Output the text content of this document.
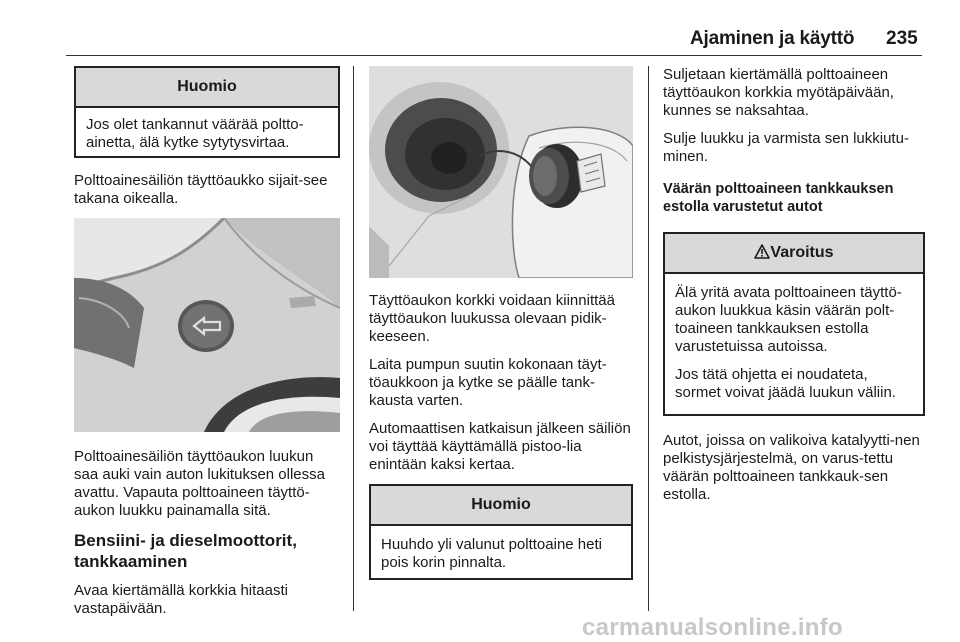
Ajaminen ja käyttö 235
Huomio

Jos olet tankannut väärää poltto-ainetta, älä kytke sytytysvirtaa.

Polttoainesäiliön täyttöaukko sijait-see takana oikealla.

Polttoainesäiliön täyttöaukon luukun saa auki vain auton lukituksen ollessa avattu. Vapauta polttoaineen täyttö-aukon luukku painamalla sitä.

Bensiini- ja dieselmoottorit, tankkaaminen

Avaa kiertämällä korkkia hitaasti vastapäivään.

Täyttöaukon korkki voidaan kiinnittää täyttöaukon luukussa olevaan pidik-keeseen.

Laita pumpun suutin kokonaan täyt-töaukkoon ja kytke se päälle tank-kausta varten.

Automaattisen katkaisun jälkeen säiliön voi täyttää käyttämällä pistoo-lia enintään kaksi kertaa.

Huomio

Huuhdo yli valunut polttoaine heti pois korin pinnalta.

Suljetaan kiertämällä polttoaineen täyttöaukon korkkia myötäpäivään, kunnes se naksahtaa.

Sulje luukku ja varmista sen lukkiutu-minen.

Väärän polttoaineen tankkauksen estolla varustetut autot
Varoitus

Älä yritä avata polttoaineen täyttö-aukon luukkua käsin väärän polt-toaineen tankkauksen estolla varustetuissa autoissa.

Jos tätä ohjetta ei noudateta, sormet voivat jäädä luukun väliin.

Autot, joissa on valikoiva katalyytti-nen pelkistysjärjestelmä, on varus-tettu väärän polttoaineen tankkauk-sen estolla.

carmanualsonline.info
